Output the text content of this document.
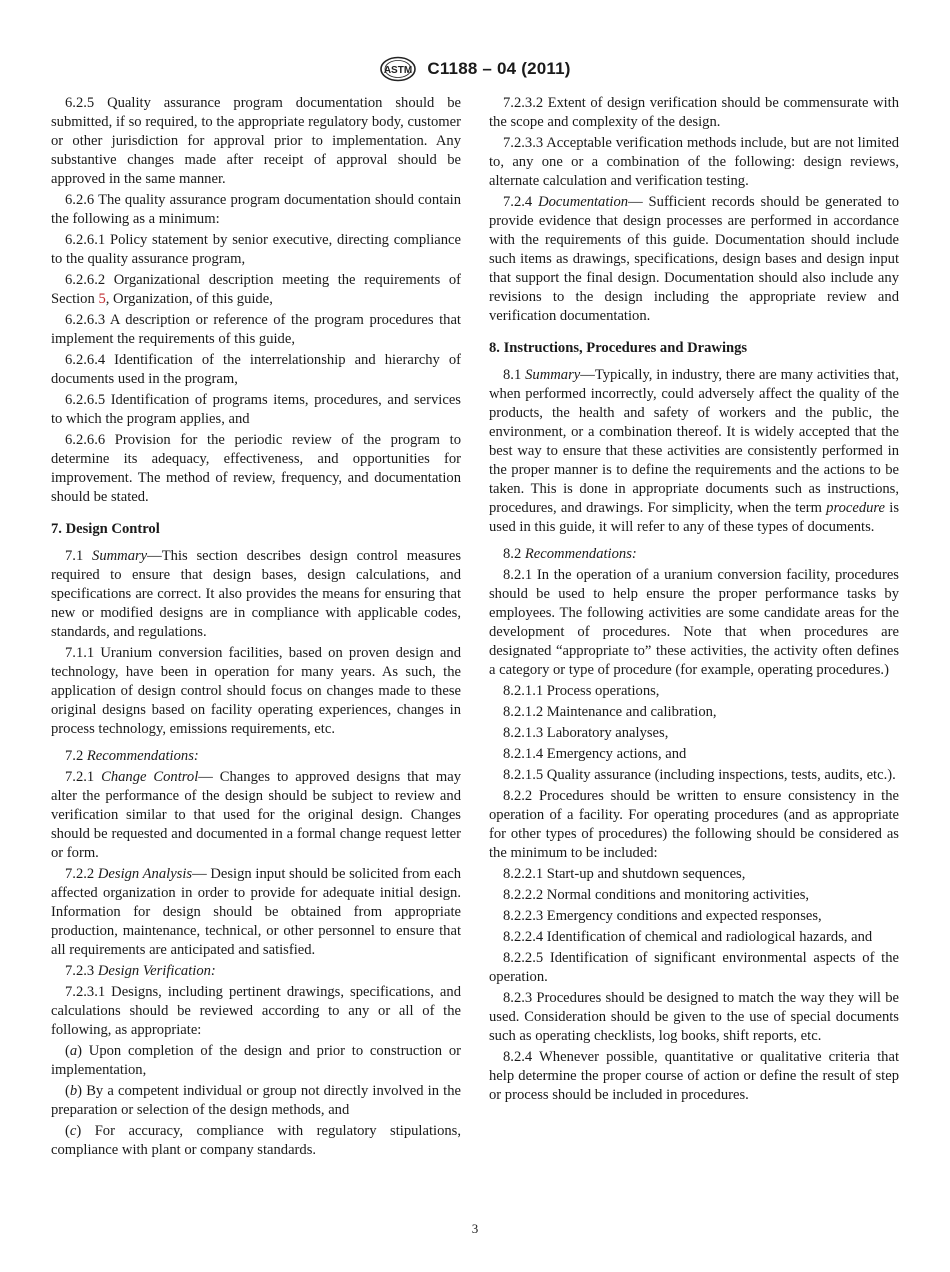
ASTM C1188 – 04 (2011)

6.2.5 Quality assurance program documentation should be submitted, if so required, to the appropriate regulatory body, customer or other jurisdiction for approval prior to implementation. Any substantive changes made after receipt of approval should be approved in the same manner.

6.2.6 The quality assurance program documentation should contain the following as a minimum:

6.2.6.1 Policy statement by senior executive, directing compliance to the quality assurance program,

6.2.6.2 Organizational description meeting the requirements of Section 5, Organization, of this guide,

6.2.6.3 A description or reference of the program procedures that implement the requirements of this guide,

6.2.6.4 Identification of the interrelationship and hierarchy of documents used in the program,

6.2.6.5 Identification of programs items, procedures, and services to which the program applies, and

6.2.6.6 Provision for the periodic review of the program to determine its adequacy, effectiveness, and opportunities for improvement. The method of review, frequency, and documentation should be stated.

7. Design Control

7.1 Summary—This section describes design control measures required to ensure that design bases, design calculations, and specifications are correct. It also provides the means for ensuring that new or modified designs are in compliance with applicable codes, standards, and regulations.

7.1.1 Uranium conversion facilities, based on proven design and technology, have been in operation for many years. As such, the application of design control should focus on changes made to these original designs based on facility operating experiences, changes in process technology, emissions requirements, etc.

7.2 Recommendations:

7.2.1 Change Control— Changes to approved designs that may alter the performance of the design should be subject to review and verification similar to that used for the original design. Changes should be requested and documented in a formal change request letter or form.

7.2.2 Design Analysis— Design input should be solicited from each affected organization in order to provide for adequate initial design. Information for design should be obtained from appropriate production, maintenance, technical, or other personnel to ensure that all requirements are anticipated and satisfied.

7.2.3 Design Verification:

7.2.3.1 Designs, including pertinent drawings, specifications, and calculations should be reviewed according to any or all of the following, as appropriate:

(a) Upon completion of the design and prior to construction or implementation,

(b) By a competent individual or group not directly involved in the preparation or selection of the design methods, and

(c) For accuracy, compliance with regulatory stipulations, compliance with plant or company standards.

7.2.3.2 Extent of design verification should be commensurate with the scope and complexity of the design.

7.2.3.3 Acceptable verification methods include, but are not limited to, any one or a combination of the following: design reviews, alternate calculation and verification testing.

7.2.4 Documentation— Sufficient records should be generated to provide evidence that design processes are performed in accordance with the requirements of this guide. Documentation should include such items as drawings, specifications, design bases and design input that support the final design. Documentation should also include any revisions to the design including the appropriate review and verification documentation.

8. Instructions, Procedures and Drawings

8.1 Summary—Typically, in industry, there are many activities that, when performed incorrectly, could adversely affect the quality of the products, the health and safety of workers and the public, the environment, or a combination thereof. It is widely accepted that the best way to ensure that these activities are consistently performed in the proper manner is to define the requirements and the actions to be taken. This is done in appropriate documents such as instructions, procedures, and drawings. For simplicity, when the term procedure is used in this guide, it will refer to any of these types of documents.

8.2 Recommendations:

8.2.1 In the operation of a uranium conversion facility, procedures should be used to help ensure the proper performance tasks by employees. The following activities are some candidate areas for the development of procedures. Note that when procedures are designated “appropriate to” these activities, the activity often defines a category or type of procedure (for example, operating procedures.)

8.2.1.1 Process operations,

8.2.1.2 Maintenance and calibration,

8.2.1.3 Laboratory analyses,

8.2.1.4 Emergency actions, and

8.2.1.5 Quality assurance (including inspections, tests, audits, etc.).

8.2.2 Procedures should be written to ensure consistency in the operation of a facility. For operating procedures (and as appropriate for other types of procedures) the following should be considered as the minimum to be included:

8.2.2.1 Start-up and shutdown sequences,

8.2.2.2 Normal conditions and monitoring activities,

8.2.2.3 Emergency conditions and expected responses,

8.2.2.4 Identification of chemical and radiological hazards, and

8.2.2.5 Identification of significant environmental aspects of the operation.

8.2.3 Procedures should be designed to match the way they will be used. Consideration should be given to the use of special documents such as operating checklists, log books, shift reports, etc.

8.2.4 Whenever possible, quantitative or qualitative criteria that help determine the proper course of action or define the result of step or process should be included in procedures.

3
